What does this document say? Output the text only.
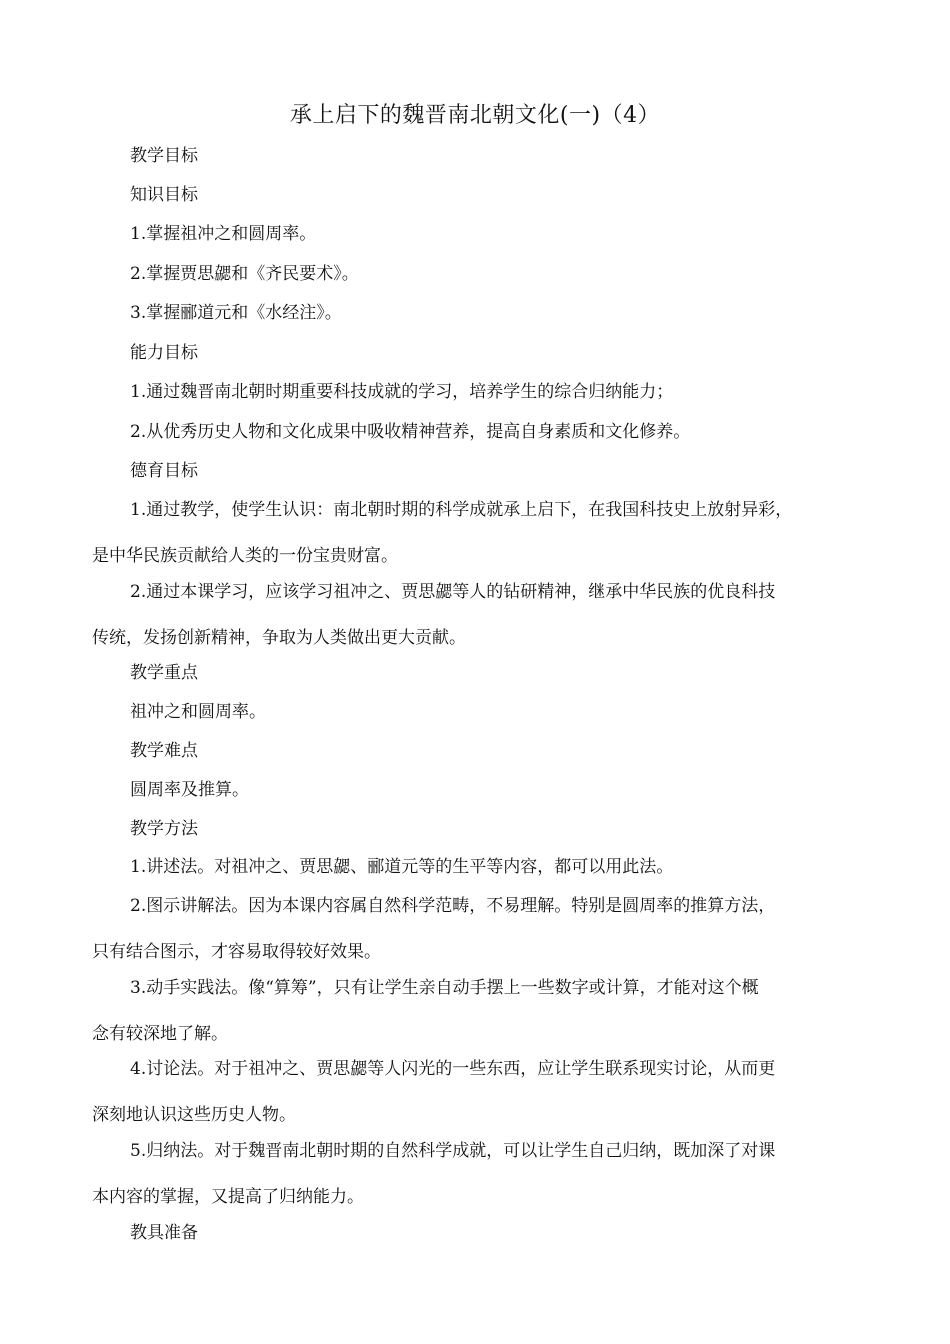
承上启下的魏晋南北朝文化(一)（4）
教学目标
知识目标
1.掌握祖冲之和圆周率。
2.掌握贾思勰和《齐民要术》。
3.掌握郦道元和《水经注》。
能力目标
1.通过魏晋南北朝时期重要科技成就的学习，培养学生的综合归纳能力；
2.从优秀历史人物和文化成果中吸收精神营养，提高自身素质和文化修养。
德育目标
1.通过教学，使学生认识：南北朝时期的科学成就承上启下，在我国科技史上放射异彩，
是中华民族贡献给人类的一份宝贵财富。
2.通过本课学习，应该学习祖冲之、贾思勰等人的钻研精神，继承中华民族的优良科技
传统，发扬创新精神，争取为人类做出更大贡献。
教学重点
祖冲之和圆周率。
教学难点
圆周率及推算。
教学方法
1.讲述法。对祖冲之、贾思勰、郦道元等的生平等内容，都可以用此法。
2.图示讲解法。因为本课内容属自然科学范畴，不易理解。特别是圆周率的推算方法，
只有结合图示，才容易取得较好效果。
3.动手实践法。像“算筹”，只有让学生亲自动手摆上一些数字或计算，才能对这个概
念有较深地了解。
4.讨论法。对于祖冲之、贾思勰等人闪光的一些东西，应让学生联系现实讨论，从而更
深刻地认识这些历史人物。
5.归纳法。对于魏晋南北朝时期的自然科学成就，可以让学生自己归纳，既加深了对课
本内容的掌握，又提高了归纳能力。
教具准备
